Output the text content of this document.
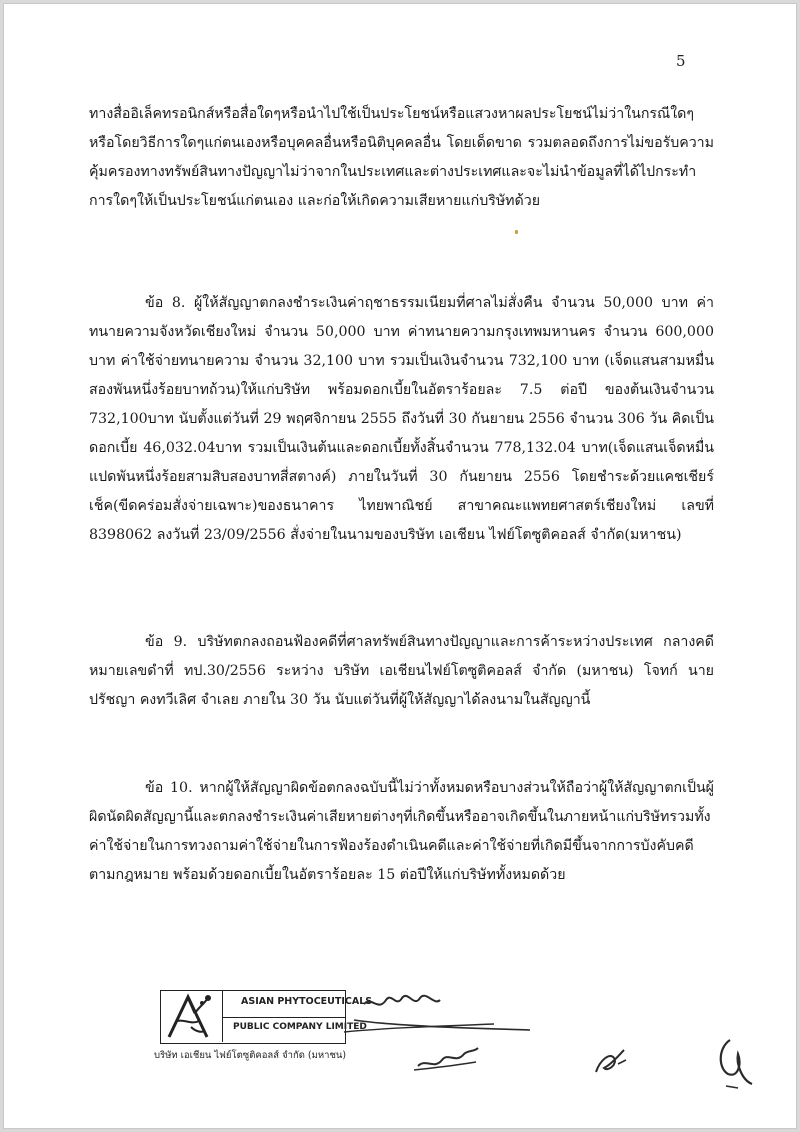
5

ทางสื่ออิเล็คทรอนิกส์หรือสื่อใดๆหรือนำไปใช้เป็นประโยชน์หรือแสวงหาผลประโยชน์ไม่ว่าในกรณีใดๆ หรือโดยวิธีการใดๆแก่ตนเองหรือบุคคลอื่นหรือนิติบุคคลอื่น โดยเด็ดขาด รวมตลอดถึงการไม่ขอรับความคุ้มครองทางทรัพย์สินทางปัญญาไม่ว่าจากในประเทศและต่างประเทศและจะไม่นำข้อมูลที่ได้ไปกระทำการใดๆให้เป็นประโยชน์แก่ตนเอง และก่อให้เกิดความเสียหายแก่บริษัทด้วย

ข้อ 8. ผู้ให้สัญญาตกลงชำระเงินค่าฤชาธรรมเนียมที่ศาลไม่สั่งคืน จำนวน 50,000 บาท ค่าทนายความจังหวัดเชียงใหม่ จำนวน 50,000 บาท ค่าทนายความกรุงเทพมหานคร จำนวน 600,000 บาท ค่าใช้จ่ายทนายความ จำนวน 32,100 บาท รวมเป็นเงินจำนวน 732,100 บาท (เจ็ดแสนสามหมื่นสองพันหนึ่งร้อยบาทถ้วน)ให้แก่บริษัท พร้อมดอกเบี้ยในอัตราร้อยละ 7.5 ต่อปี ของต้นเงินจำนวน 732,100บาท นับตั้งแต่วันที่ 29 พฤศจิกายน 2555 ถึงวันที่ 30 กันยายน 2556 จำนวน 306 วัน คิดเป็นดอกเบี้ย 46,032.04บาท รวมเป็นเงินต้นและดอกเบี้ยทั้งสิ้นจำนวน 778,132.04 บาท(เจ็ดแสนเจ็ดหมื่นแปดพันหนึ่งร้อยสามสิบสองบาทสี่สตางค์) ภายในวันที่ 30 กันยายน 2556 โดยชำระด้วยแคชเชียร์เช็ค(ขีดคร่อมสั่งจ่ายเฉพาะ)ของธนาคาร ไทยพาณิชย์ สาขาคณะแพทยศาสตร์เชียงใหม่ เลขที่ 8398062 ลงวันที่ 23/09/2556 สั่งจ่ายในนามของบริษัท เอเชียน ไฟย์โตซูติคอลส์ จำกัด(มหาชน)

ข้อ 9. บริษัทตกลงถอนฟ้องคดีที่ศาลทรัพย์สินทางปัญญาและการค้าระหว่างประเทศ กลางคดีหมายเลขดำที่ ทป.30/2556 ระหว่าง บริษัท เอเชียนไฟย์โตซูติคอลส์ จำกัด (มหาชน) โจทก์ นายปรัชญา คงทวีเลิศ จำเลย ภายใน 30 วัน นับแต่วันที่ผู้ให้สัญญาได้ลงนามในสัญญานี้

ข้อ 10. หากผู้ให้สัญญาผิดข้อตกลงฉบับนี้ไม่ว่าทั้งหมดหรือบางส่วนให้ถือว่าผู้ให้สัญญาตกเป็นผู้ผิดนัดผิดสัญญานี้และตกลงชำระเงินค่าเสียหายต่างๆที่เกิดขึ้นหรืออาจเกิดขึ้นในภายหน้าแก่บริษัทรวมทั้งค่าใช้จ่ายในการทวงถามค่าใช้จ่ายในการฟ้องร้องดำเนินคดีและค่าใช้จ่ายที่เกิดมีขึ้นจากการบังคับคดีตามกฎหมาย พร้อมด้วยดอกเบี้ยในอัตราร้อยละ 15 ต่อปีให้แก่บริษัททั้งหมดด้วย

ASIAN PHYTOCEUTICALS
PUBLIC COMPANY LIMITED
บริษัท เอเชียน ไฟย์โตซูติคอลส์ จำกัด (มหาชน)
